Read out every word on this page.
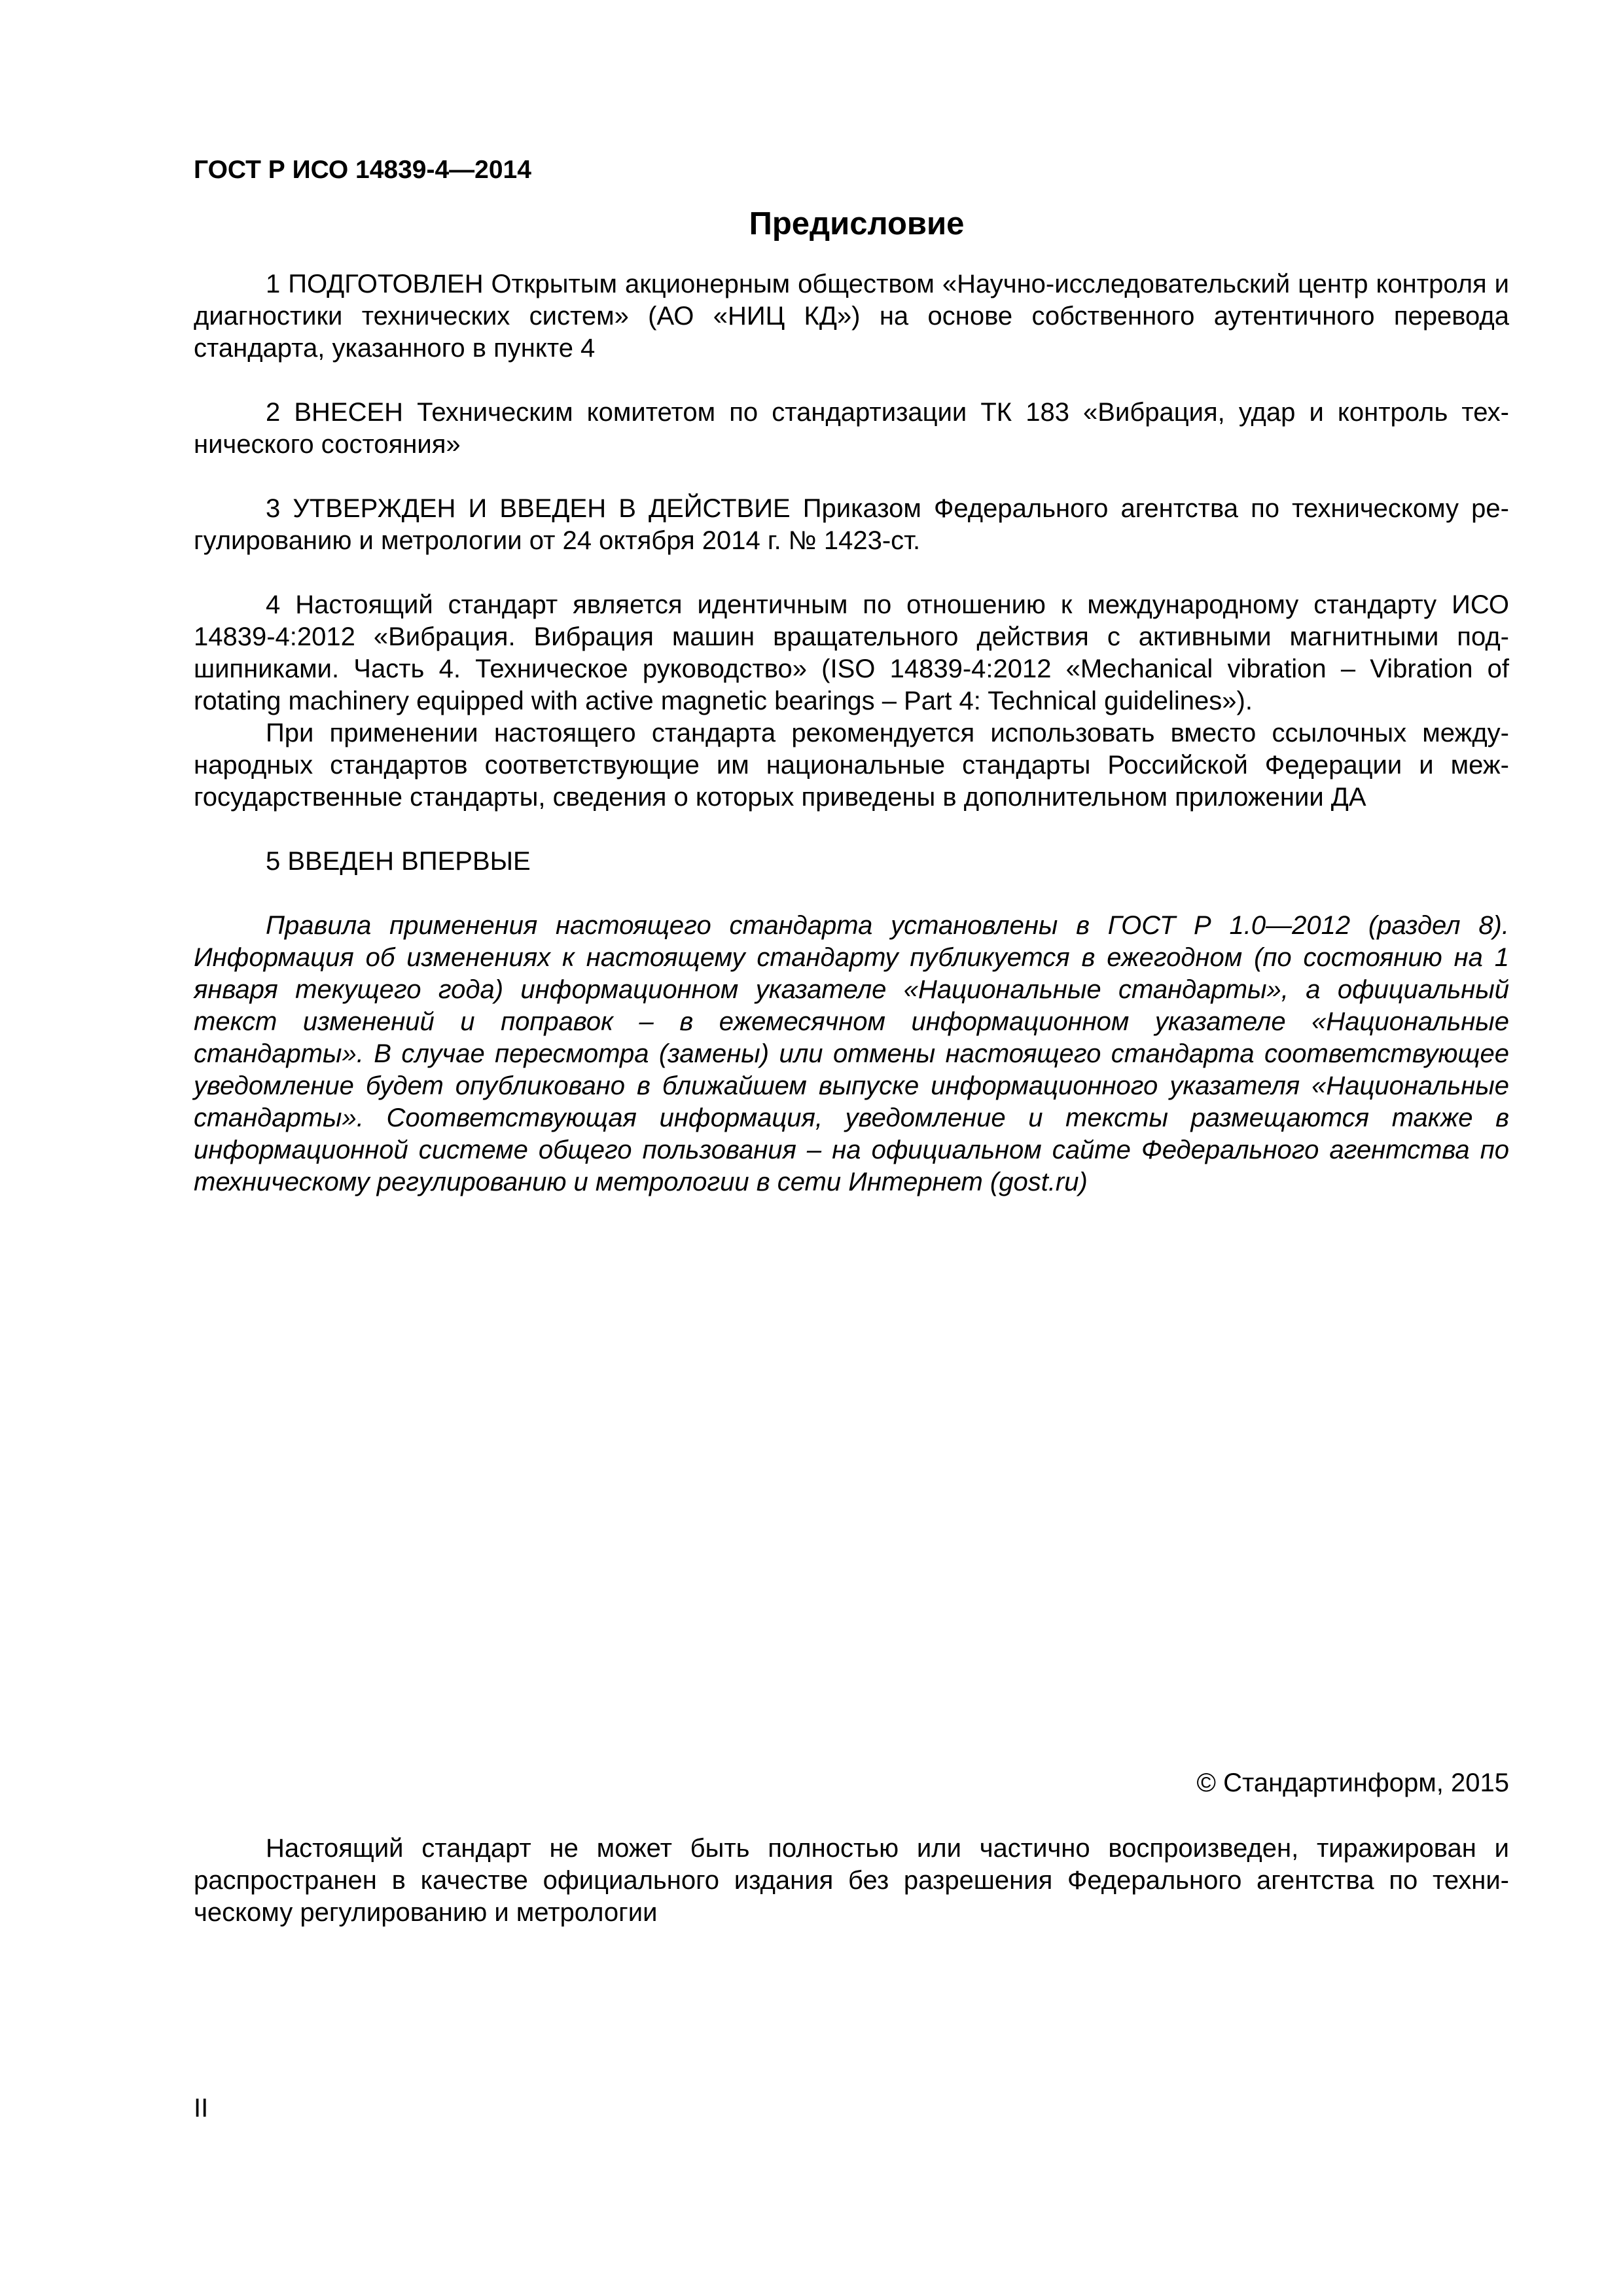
ГОСТ Р ИСО 14839-4—2014

Предисловие

1 ПОДГОТОВЛЕН Открытым акционерным обществом «Научно-исследовательский центр контроля и диагностики технических систем» (АО «НИЦ КД») на основе собственного аутентичного перевода стандарта, указанного в пункте 4

2 ВНЕСЕН Техническим комитетом по стандартизации ТК 183 «Вибрация, удар и контроль технического состояния»

3 УТВЕРЖДЕН И ВВЕДЕН В ДЕЙСТВИЕ Приказом Федерального агентства по техническому регулированию и метрологии от 24 октября 2014 г. № 1423-ст.

4 Настоящий стандарт является идентичным по отношению к международному стандарту ИСО 14839-4:2012 «Вибрация. Вибрация машин вращательного действия с активными магнитными подшипниками. Часть 4. Техническое руководство» (ISO 14839-4:2012 «Mechanical vibration – Vibration of rotating machinery equipped with active magnetic bearings – Part 4: Technical guidelines»).

При применении настоящего стандарта рекомендуется использовать вместо ссылочных международных стандартов соответствующие им национальные стандарты Российской Федерации и межгосударственные стандарты, сведения о которых приведены в дополнительном приложении ДА

5 ВВЕДЕН ВПЕРВЫЕ

Правила применения настоящего стандарта установлены в ГОСТ Р 1.0—2012 (раздел 8). Информация об изменениях к настоящему стандарту публикуется в ежегодном (по состоянию на 1 января текущего года) информационном указателе «Национальные стандарты», а официальный текст изменений и поправок – в ежемесячном информационном указателе «Национальные стандарты». В случае пересмотра (замены) или отмены настоящего стандарта соответствующее уведомление будет опубликовано в ближайшем выпуске информационного указателя «Национальные стандарты». Соответствующая информация, уведомление и тексты размещаются также в информационной системе общего пользования – на официальном сайте Федерального агентства по техническому регулированию и метрологии в сети Интернет (gost.ru)

© Стандартинформ, 2015

Настоящий стандарт не может быть полностью или частично воспроизведен, тиражирован и распространен в качестве официального издания без разрешения Федерального агентства по техническому регулированию и метрологии

II
